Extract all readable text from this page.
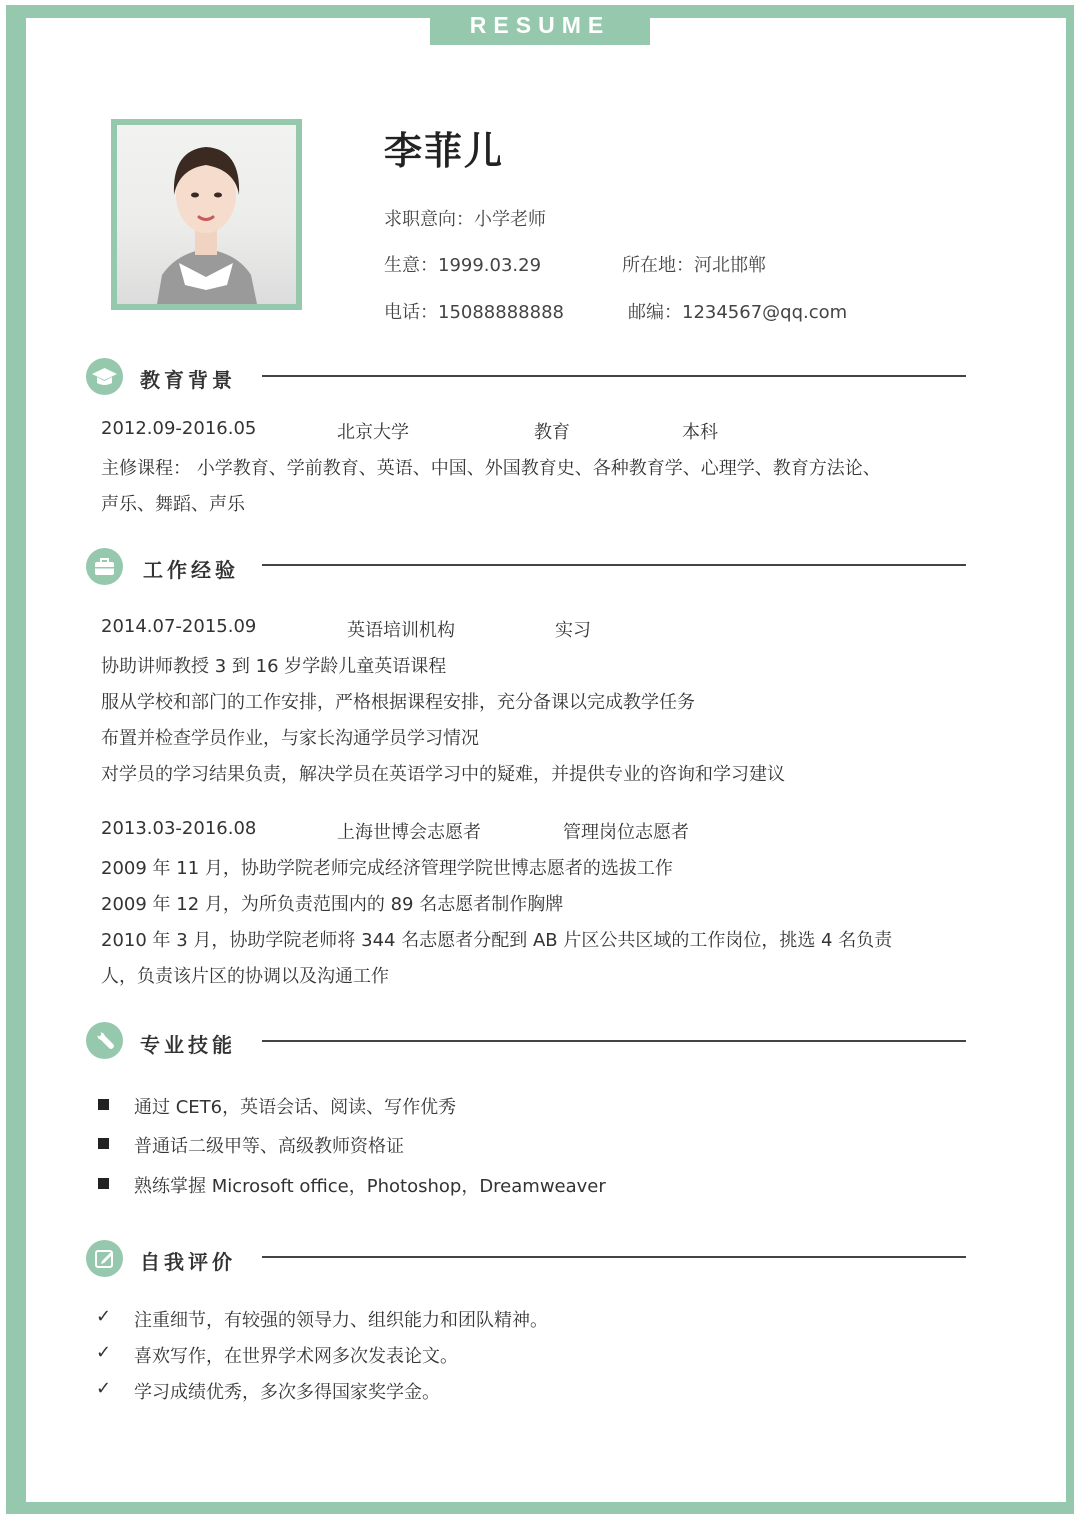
RESUME
李菲儿
求职意向：小学老师
生意：1999.03.29	所在地：河北邯郸
电话：15088888888	邮编：1234567@qq.com
教育背景
2012.09-2016.05	北京大学	教育	本科
主修课程： 小学教育、学前教育、英语、中国、外国教育史、各种教育学、心理学、教育方法论、
声乐、舞蹈、声乐
工作经验
2014.07-2015.09	英语培训机构	实习
协助讲师教授 3 到 16 岁学龄儿童英语课程
服从学校和部门的工作安排，严格根据课程安排，充分备课以完成教学任务
布置并检查学员作业，与家长沟通学员学习情况
对学员的学习结果负责，解决学员在英语学习中的疑难，并提供专业的咨询和学习建议
2013.03-2016.08	上海世博会志愿者	管理岗位志愿者
2009 年 11 月，协助学院老师完成经济管理学院世博志愿者的选拔工作
2009 年 12 月，为所负责范围内的 89 名志愿者制作胸牌
2010 年 3 月，协助学院老师将 344 名志愿者分配到 AB 片区公共区域的工作岗位，挑选 4 名负责
人，负责该片区的协调以及沟通工作
专业技能
通过 CET6，英语会话、阅读、写作优秀
普通话二级甲等、高级教师资格证
熟练掌握 Microsoft office，Photoshop，Dreamweaver
自我评价
✓ 注重细节，有较强的领导力、组织能力和团队精神。
✓ 喜欢写作，在世界学术网多次发表论文。
✓ 学习成绩优秀，多次多得国家奖学金。
